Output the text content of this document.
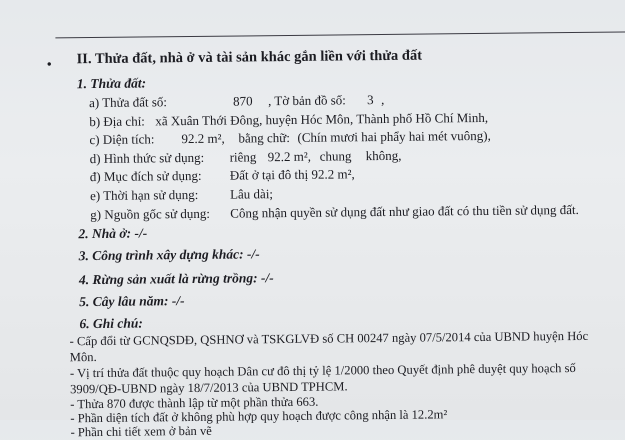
• II. Thửa đất, nhà ở và tài sản khác gắn liền với thửa đất
1. Thửa đất:
a) Thửa đất số:	870 , Tờ bản đồ số: 3 ,
b) Địa chỉ: xã Xuân Thới Đông, huyện Hóc Môn, Thành phố Hồ Chí Minh,
c) Diện tích: 92.2 m², bằng chữ: (Chín mươi hai phẩy hai mét vuông),
d) Hình thức sử dụng: riêng 92.2 m², chung không,
đ) Mục đích sử dụng: Đất ở tại đô thị 92.2 m²,
e) Thời hạn sử dụng: Lâu dài;
g) Nguồn gốc sử dụng: Công nhận quyền sử dụng đất như giao đất có thu tiền sử dụng đất.
2. Nhà ở: -/-
3. Công trình xây dựng khác: -/-
4. Rừng sản xuất là rừng trồng: -/-
5. Cây lâu năm: -/-
6. Ghi chú:
- Cấp đổi từ GCNQSDĐ, QSHNƠ và TSKGLVĐ số CH 00247 ngày 07/5/2014 của UBND huyện Hóc
Môn.
- Vị trí thửa đất thuộc quy hoạch Dân cư đô thị tỷ lệ 1/2000 theo Quyết định phê duyệt quy hoạch số
3909/QĐ-UBND ngày 18/7/2013 của UBND TPHCM.
- Thửa 870 được thành lập từ một phần thửa 663.
- Phần diện tích đất ở không phù hợp quy hoạch được công nhận là 12.2m²
- Phần chi tiết xem ở bản vẽ
